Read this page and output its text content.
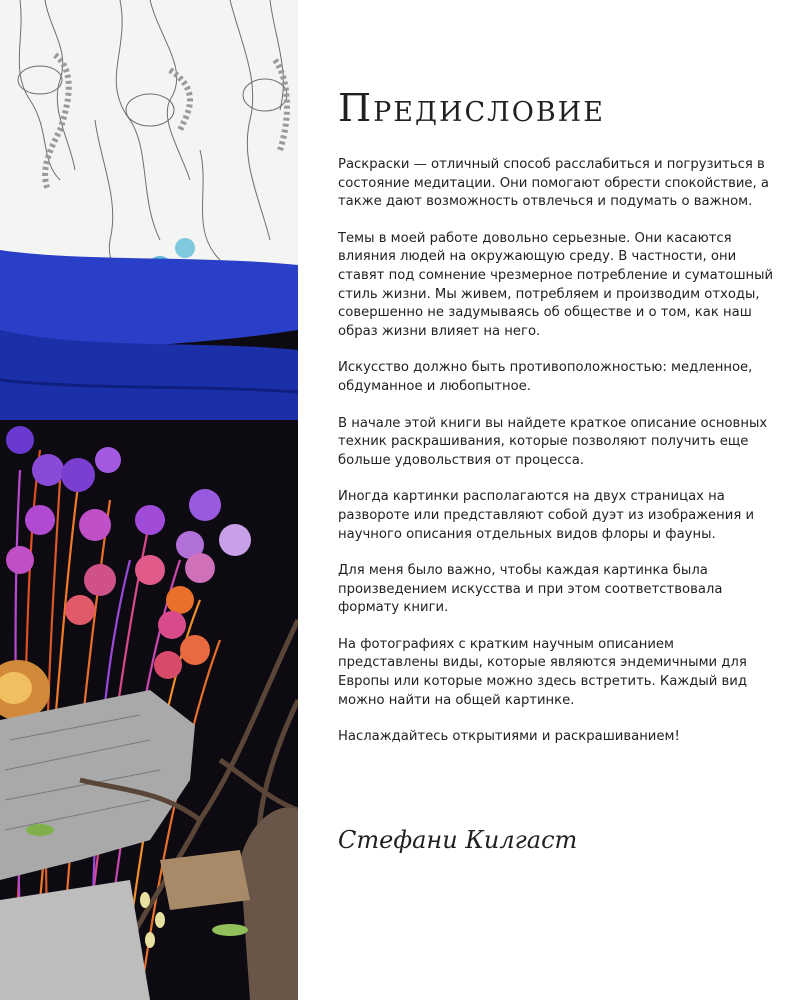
Предисловие

Раскраски — отличный способ расслабиться и погрузиться в состояние медитации. Они помогают обрести спокойствие, а также дают возможность отвлечься и подумать о важном.

Темы в моей работе довольно серьезные. Они касаются влияния людей на окружающую среду. В частности, они ставят под сомнение чрезмерное потребление и суматошный стиль жизни. Мы живем, потребляем и производим отходы, совершенно не задумываясь об обществе и о том, как наш образ жизни влияет на него.

Искусство должно быть противоположностью: медленное, обдуманное и любопытное.

В начале этой книги вы найдете краткое описание основных техник раскрашивания, которые позволяют получить еще больше удовольствия от процесса.

Иногда картинки располагаются на двух страницах на развороте или представляют собой дуэт из изображения и научного описания отдельных видов флоры и фауны.

Для меня было важно, чтобы каждая картинка была произведением искусства и при этом соответствовала формату книги.

На фотографиях с кратким научным описанием представлены виды, которые являются эндемичными для Европы или которые можно здесь встретить. Каждый вид можно найти на общей картинке.

Наслаждайтесь открытиями и раскрашиванием!

Стефани Килгаст
